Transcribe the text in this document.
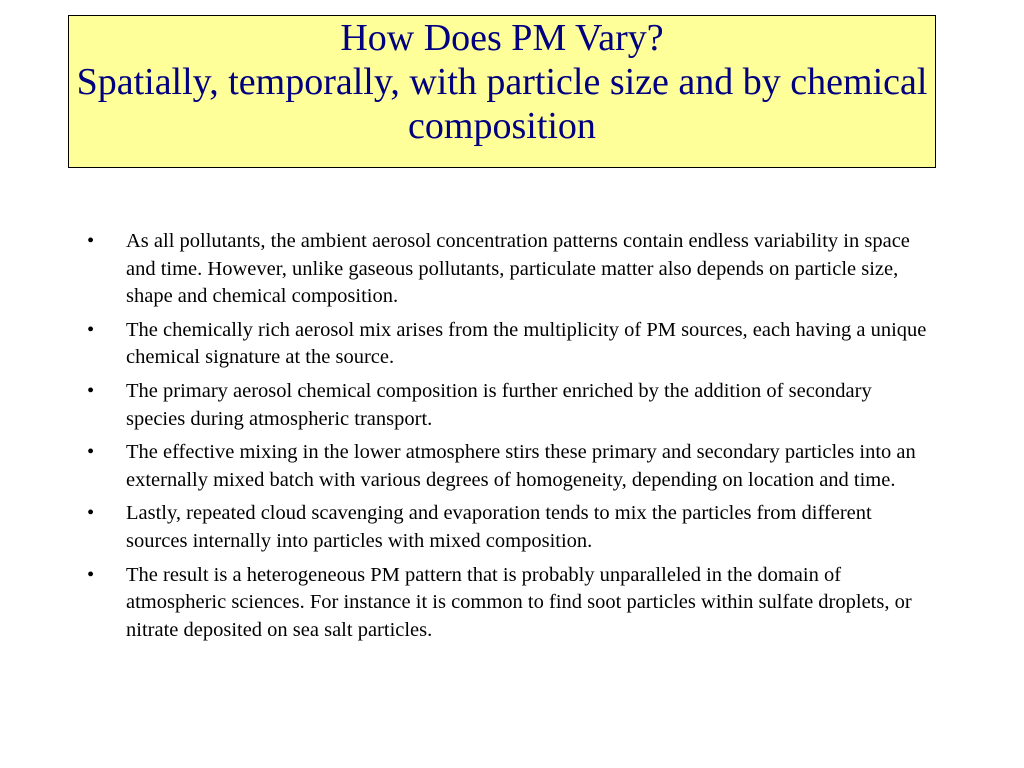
How Does PM Vary?
Spatially, temporally, with particle size and by chemical composition
•	As all pollutants, the ambient aerosol concentration patterns contain endless variability in space and time. However, unlike gaseous pollutants, particulate matter also depends on particle size, shape and chemical composition.
•	The chemically rich aerosol mix arises from the multiplicity of PM sources, each having a unique chemical signature at the source.
•	The primary aerosol chemical composition is further enriched by the addition of secondary species during atmospheric transport.
•	The effective mixing in the lower atmosphere stirs these primary and secondary particles into an externally mixed batch with various degrees of homogeneity, depending on location and time.
•	Lastly, repeated cloud scavenging and evaporation tends to mix the particles from different sources internally into particles with mixed composition.
•	The result is a heterogeneous PM pattern that is probably unparalleled in the domain of atmospheric sciences. For instance it is common to find soot particles within sulfate droplets, or nitrate deposited on sea salt particles.
